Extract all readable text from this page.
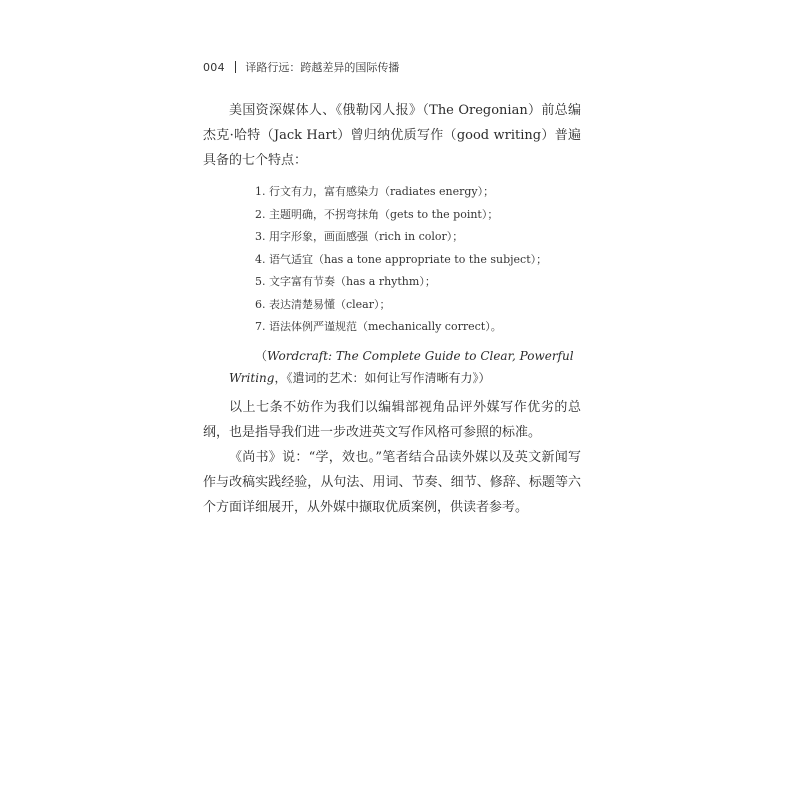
004 译路行远：跨越差异的国际传播

美国资深媒体人、《俄勒冈人报》（The Oregonian）前总编杰克·哈特（Jack Hart）曾归纳优质写作（good writing）普遍具备的七个特点：

1. 行文有力，富有感染力（radiates energy）；
2. 主题明确，不拐弯抹角（gets to the point）；
3. 用字形象，画面感强（rich in color）；
4. 语气适宜（has a tone appropriate to the subject）；
5. 文字富有节奏（has a rhythm）；
6. 表达清楚易懂（clear）；
7. 语法体例严谨规范（mechanically correct）。

（Wordcraft: The Complete Guide to Clear, Powerful
Writing，《遣词的艺术：如何让写作清晰有力》）

以上七条不妨作为我们以编辑部视角品评外媒写作优劣的总纲，也是指导我们进一步改进英文写作风格可参照的标准。

《尚书》说：“学，效也。”笔者结合品读外媒以及英文新闻写作与改稿实践经验，从句法、用词、节奏、细节、修辞、标题等六个方面详细展开，从外媒中撷取优质案例，供读者参考。
